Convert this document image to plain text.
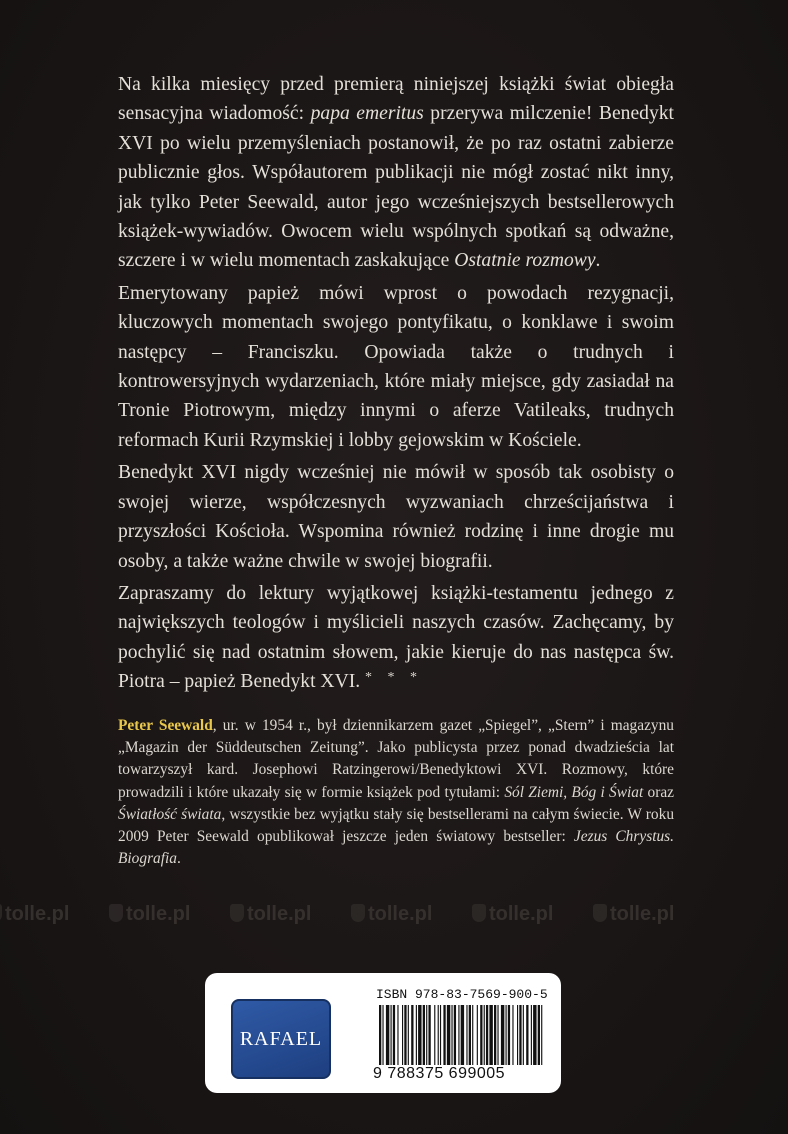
Na kilka miesięcy przed premierą niniejszej książki świat obiegła sensacyjna wiadomość: papa emeritus przerywa milczenie! Benedykt XVI po wielu przemyśleniach postanowił, że po raz ostatni zabierze publicznie głos. Współautorem publikacji nie mógł zostać nikt inny, jak tylko Peter Seewald, autor jego wcześniejszych bestsellerowych książek-wywiadów. Owocem wielu wspólnych spotkań są odważne, szczere i w wielu momentach zaskakujące Ostatnie rozmowy.

Emerytowany papież mówi wprost o powodach rezygnacji, kluczowych momentach swojego pontyfikatu, o konklawe i swoim następcy – Franciszku. Opowiada także o trudnych i kontrowersyjnych wydarzeniach, które miały miejsce, gdy zasiadał na Tronie Piotrowym, między innymi o aferze Vatileaks, trudnych reformach Kurii Rzymskiej i lobby gejowskim w Kościele.

Benedykt XVI nigdy wcześniej nie mówił w sposób tak osobisty o swojej wierze, współczesnych wyzwaniach chrześcijaństwa i przyszłości Kościoła. Wspomina również rodzinę i inne drogie mu osoby, a także ważne chwile w swojej biografii.

Zapraszamy do lektury wyjątkowej książki-testamentu jednego z największych teologów i myślicieli naszych czasów. Zachęcamy, by pochylić się nad ostatnim słowem, jakie kieruje do nas następca św. Piotra – papież Benedykt XVI. * * *

Peter Seewald, ur. w 1954 r., był dziennikarzem gazet „Spiegel”, „Stern” i magazynu „Magazin der Süddeutschen Zeitung”. Jako publicysta przez ponad dwadzieścia lat towarzyszył kard. Josephowi Ratzingerowi/Benedyktowi XVI. Rozmowy, które prowadzili i które ukazały się w formie książek pod tytułami: Sól Ziemi, Bóg i Świat oraz Światłość świata, wszystkie bez wyjątku stały się bestsellerami na całym świecie. W roku 2009 Peter Seewald opublikował jeszcze jeden światowy bestseller: Jezus Chrystus. Biografia.

tolle.pl	tolle.pl	tolle.pl	tolle.pl	tolle.pl	tolle.pl
RAFAEL
ISBN 978-83-7569-900-5
9 788375 699005
